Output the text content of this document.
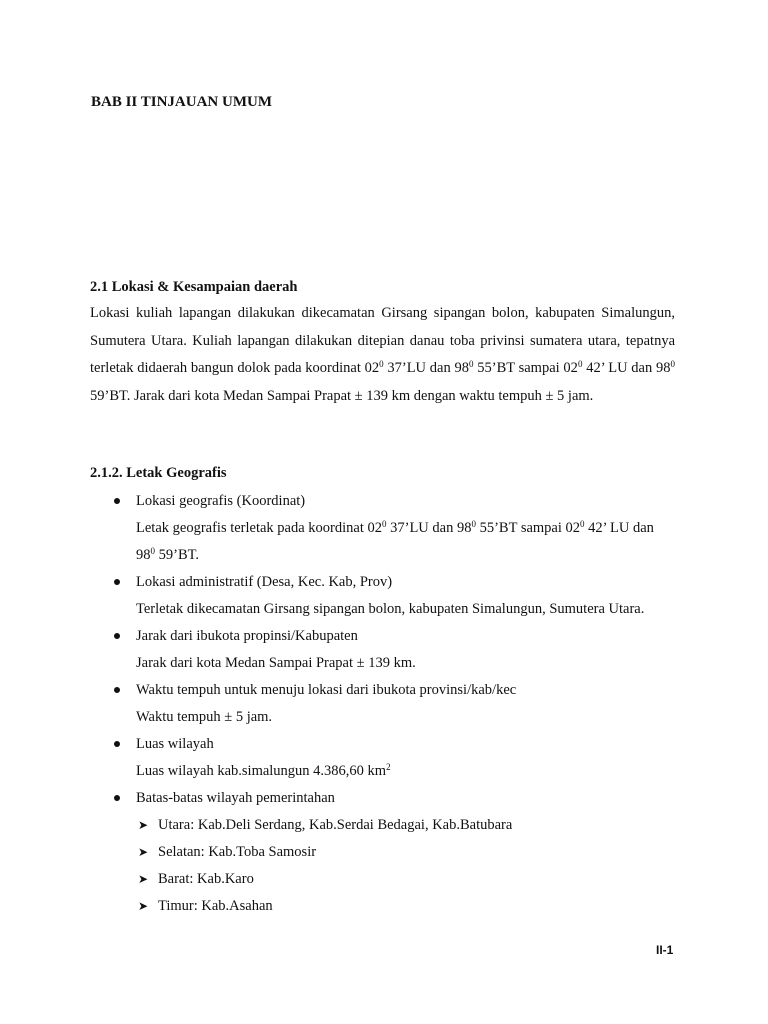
BAB II TINJAUAN UMUM

2.1 Lokasi & Kesampaian daerah

Lokasi kuliah lapangan dilakukan dikecamatan Girsang sipangan bolon, kabupaten Simalungun, Sumutera Utara. Kuliah lapangan dilakukan ditepian danau toba privinsi sumatera utara, tepatnya terletak didaerah bangun dolok pada koordinat $02^0$ 37’LU dan $98^0$ 55’BT sampai $02^0$ 42’ LU dan $98^0$ 59’BT. Jarak dari kota Medan Sampai Prapat ± 139 km dengan waktu tempuh ± 5 jam.

2.1.2. Letak Geografis

Lokasi geografis (Koordinat)
Letak geografis terletak pada koordinat $02^0$ 37’LU dan $98^0$ 55’BT sampai $02^0$ 42’ LU dan $98^0$ 59’BT.
Lokasi administratif (Desa, Kec. Kab, Prov)
Terletak dikecamatan Girsang sipangan bolon, kabupaten Simalungun, Sumutera Utara.
Jarak dari ibukota propinsi/Kabupaten
Jarak dari kota Medan Sampai Prapat ± 139 km.
Waktu tempuh untuk menuju lokasi dari ibukota provinsi/kab/kec
Waktu tempuh ± 5 jam.
Luas wilayah
Luas wilayah kab.simalungun 4.386,60 $km^2$
Batas-batas wilayah pemerintahan
➤ Utara: Kab.Deli Serdang, Kab.Serdai Bedagai, Kab.Batubara
➤ Selatan: Kab.Toba Samosir
➤ Barat: Kab.Karo
➤ Timur: Kab.Asahan
II-1
